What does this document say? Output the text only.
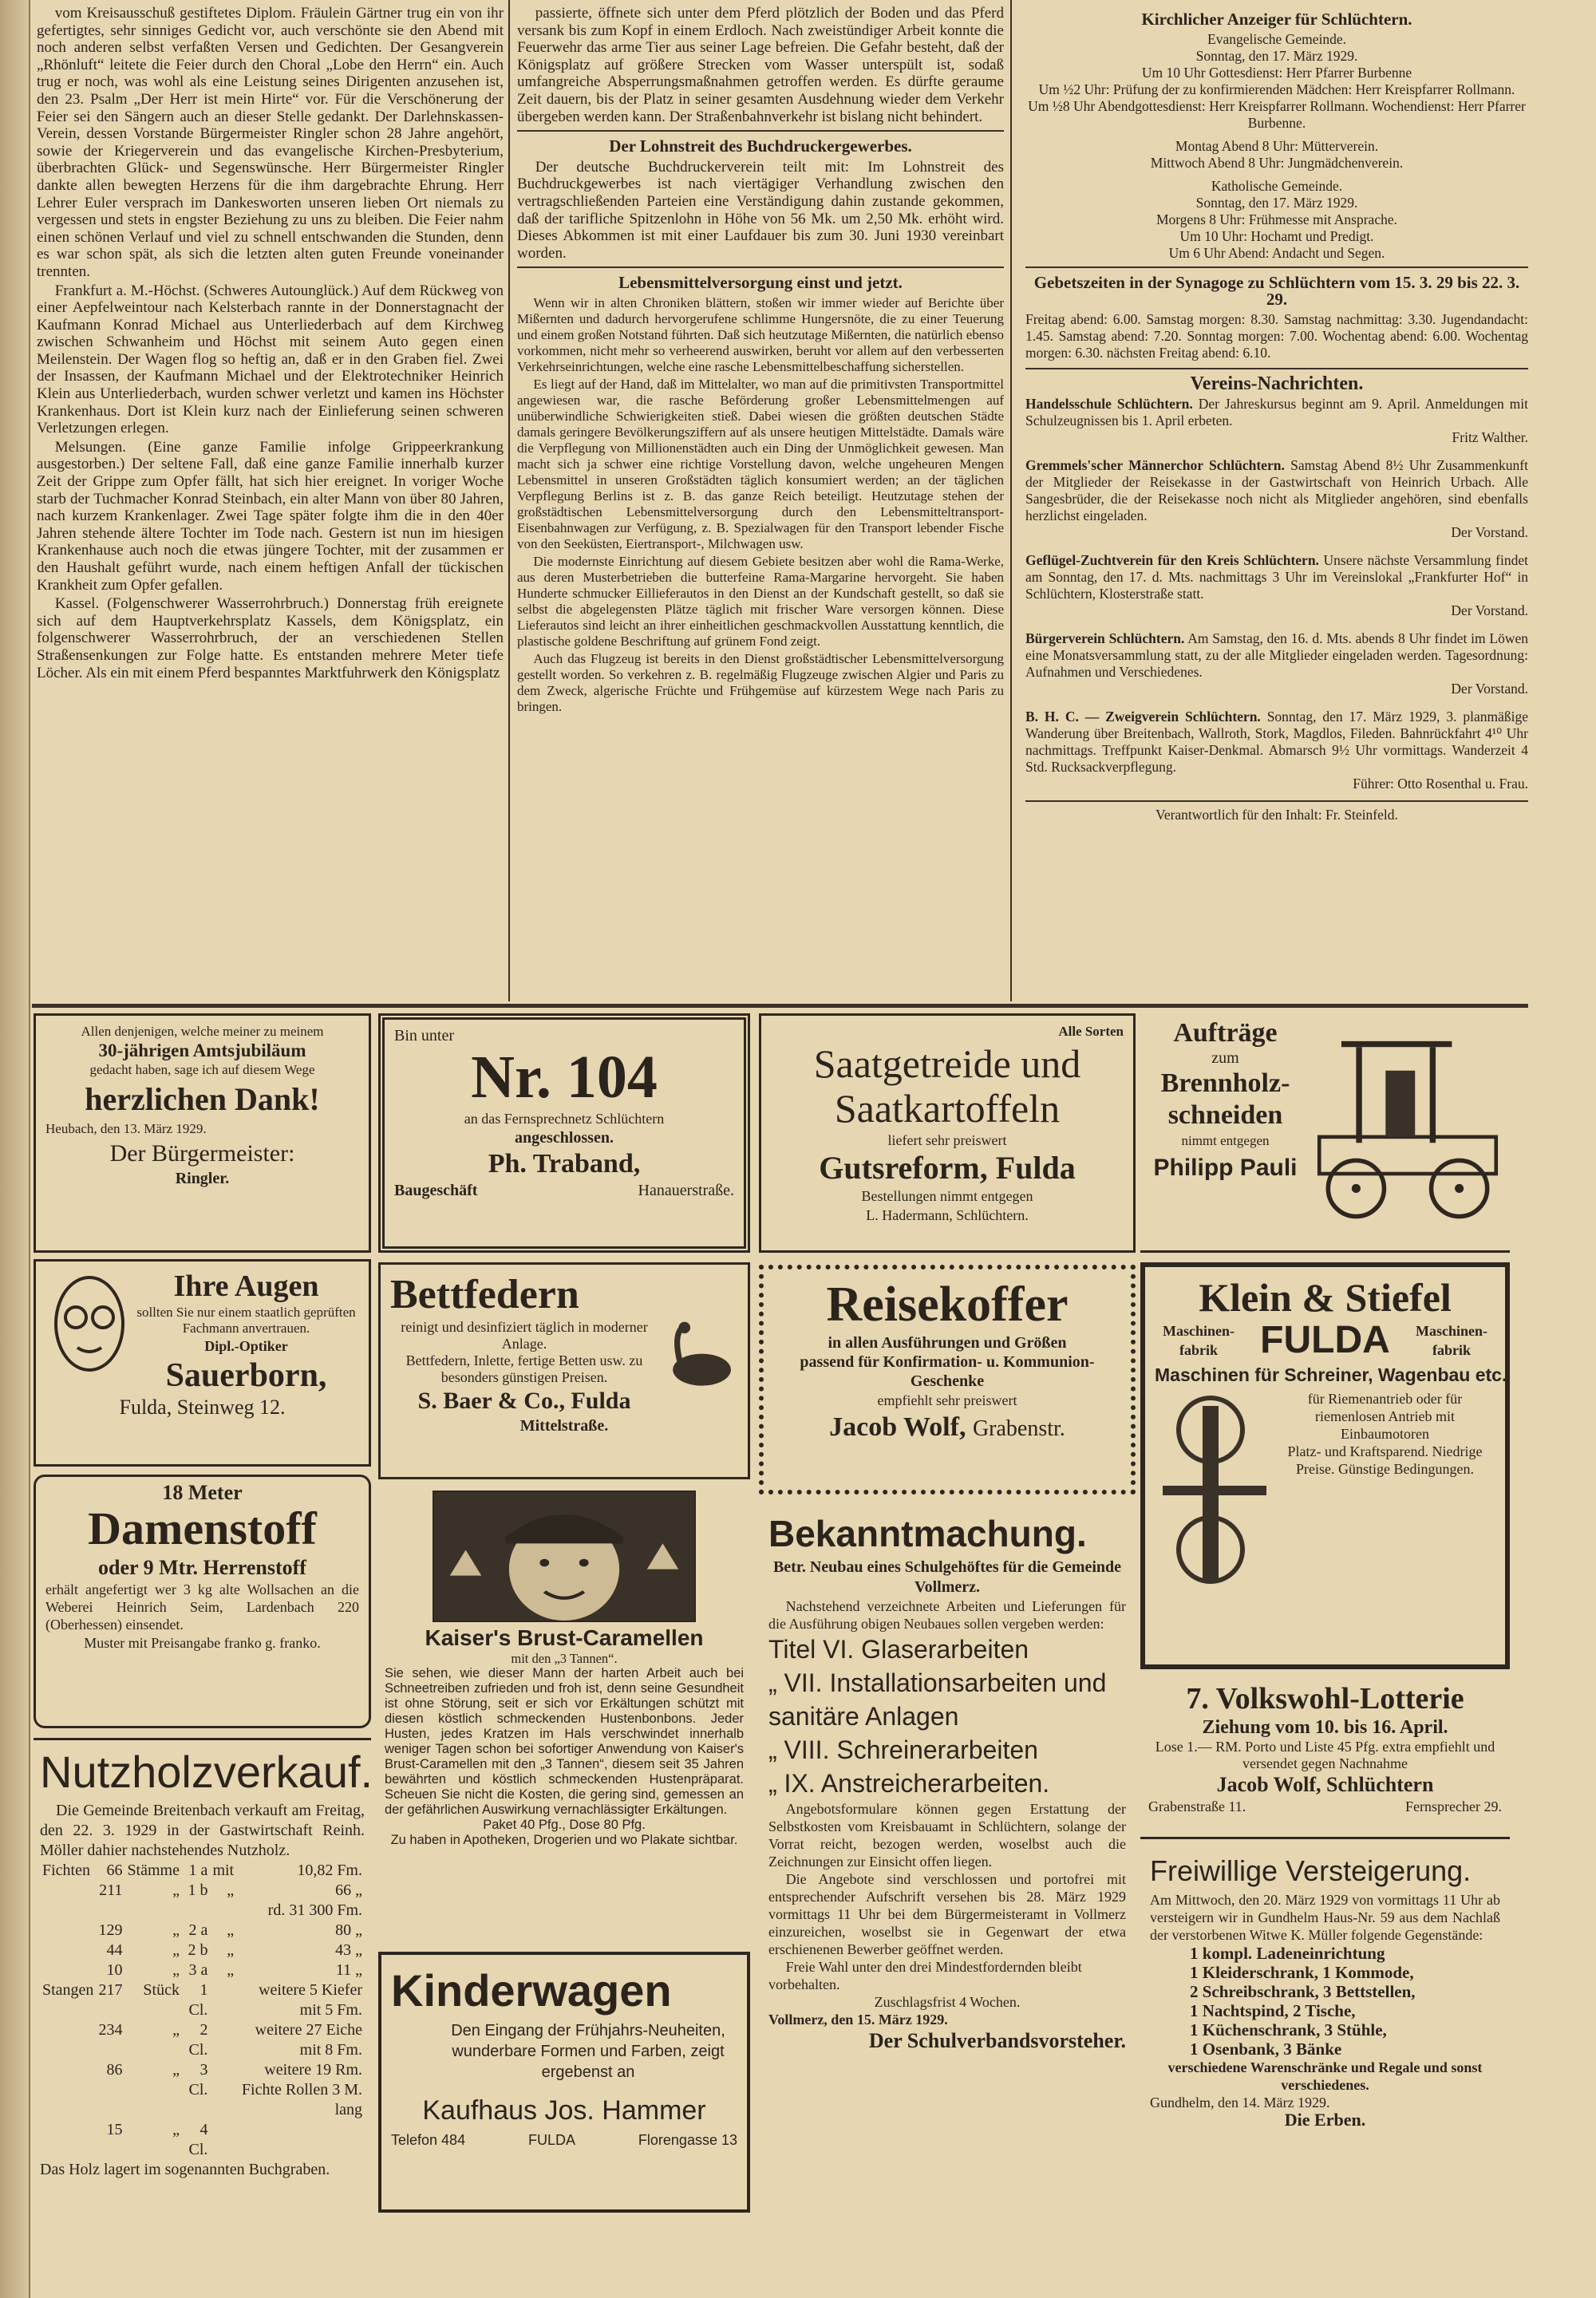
vom Kreisausschuß gestiftetes Diplom. Fräulein Gärtner trug ein von ihr gefertigtes, sehr sinniges Gedicht vor, auch verschönte sie den Abend mit noch anderen selbst verfaßten Versen und Gedichten. Der Gesangverein „Rhönluft“ leitete die Feier durch den Choral „Lobe den Herrn“ ein. Auch trug er noch, was wohl als eine Leistung seines Dirigenten anzusehen ist, den 23. Psalm „Der Herr ist mein Hirte“ vor. Für die Verschönerung der Feier sei den Sängern auch an dieser Stelle gedankt. Der Darlehnskassen-Verein, dessen Vorstande Bürgermeister Ringler schon 28 Jahre angehört, sowie der Kriegerverein und das evangelische Kirchen-Presbyterium, überbrachten Glück- und Segenswünsche. Herr Bürgermeister Ringler dankte allen bewegten Herzens für die ihm dargebrachte Ehrung. Herr Lehrer Euler versprach im Dankesworten unseren lieben Ort niemals zu vergessen und stets in engster Beziehung zu uns zu bleiben. Die Feier nahm einen schönen Verlauf und viel zu schnell entschwanden die Stunden, denn es war schon spät, als sich die letzten alten guten Freunde voneinander trennten.

Frankfurt a. M.-Höchst. (Schweres Autounglück.) Auf dem Rückweg von einer Aepfelweintour nach Kelsterbach rannte in der Donnerstagnacht der Kaufmann Konrad Michael aus Unterliederbach auf dem Kirchweg zwischen Schwanheim und Höchst mit seinem Auto gegen einen Meilenstein. Der Wagen flog so heftig an, daß er in den Graben fiel. Zwei der Insassen, der Kaufmann Michael und der Elektrotechniker Heinrich Klein aus Unterliederbach, wurden schwer verletzt und kamen ins Höchster Krankenhaus. Dort ist Klein kurz nach der Einlieferung seinen schweren Verletzungen erlegen.

Melsungen. (Eine ganze Familie infolge Grippeerkrankung ausgestorben.) Der seltene Fall, daß eine ganze Familie innerhalb kurzer Zeit der Grippe zum Opfer fällt, hat sich hier ereignet. In voriger Woche starb der Tuchmacher Konrad Steinbach, ein alter Mann von über 80 Jahren, nach kurzem Krankenlager. Zwei Tage später folgte ihm die in den 40er Jahren stehende ältere Tochter im Tode nach. Gestern ist nun im hiesigen Krankenhause auch noch die etwas jüngere Tochter, mit der zusammen er den Haushalt geführt wurde, nach einem heftigen Anfall der tückischen Krankheit zum Opfer gefallen.

Kassel. (Folgenschwerer Wasserrohrbruch.) Donnerstag früh ereignete sich auf dem Hauptverkehrsplatz Kassels, dem Königsplatz, ein folgenschwerer Wasserrohrbruch, der an verschiedenen Stellen Straßensenkungen zur Folge hatte. Es entstanden mehrere Meter tiefe Löcher. Als ein mit einem Pferd bespanntes Marktfuhrwerk den Königsplatz

passierte, öffnete sich unter dem Pferd plötzlich der Boden und das Pferd versank bis zum Kopf in einem Erdloch. Nach zweistündiger Arbeit konnte die Feuerwehr das arme Tier aus seiner Lage befreien. Die Gefahr besteht, daß der Königsplatz auf größere Strecken vom Wasser unterspült ist, sodaß umfangreiche Absperrungsmaßnahmen getroffen werden. Es dürfte geraume Zeit dauern, bis der Platz in seiner gesamten Ausdehnung wieder dem Verkehr übergeben werden kann. Der Straßenbahnverkehr ist bislang nicht behindert.

Der Lohnstreit des Buchdruckergewerbes.

Der deutsche Buchdruckerverein teilt mit: Im Lohnstreit des Buchdruckgewerbes ist nach viertägiger Verhandlung zwischen den vertragschließenden Parteien eine Verständigung dahin zustande gekommen, daß der tarifliche Spitzenlohn in Höhe von 56 Mk. um 2,50 Mk. erhöht wird. Dieses Abkommen ist mit einer Laufdauer bis zum 30. Juni 1930 vereinbart worden.

Lebensmittelversorgung einst und jetzt.

Wenn wir in alten Chroniken blättern, stoßen wir immer wieder auf Berichte über Mißernten und dadurch hervorgerufene schlimme Hungersnöte, die zu einer Teuerung und einem großen Notstand führten. Daß sich heutzutage Mißernten, die natürlich ebenso vorkommen, nicht mehr so verheerend auswirken, beruht vor allem auf den verbesserten Verkehrseinrichtungen, welche eine rasche Lebensmittelbeschaffung sicherstellen.

Es liegt auf der Hand, daß im Mittelalter, wo man auf die primitivsten Transportmittel angewiesen war, die rasche Beförderung großer Lebensmittelmengen auf unüberwindliche Schwierigkeiten stieß. Dabei wiesen die größten deutschen Städte damals geringere Bevölkerungsziffern auf als unsere heutigen Mittelstädte. Damals wäre die Verpflegung von Millionenstädten auch ein Ding der Unmöglichkeit gewesen. Man macht sich ja schwer eine richtige Vorstellung davon, welche ungeheuren Mengen Lebensmittel in unseren Großstädten täglich konsumiert werden; an der täglichen Verpflegung Berlins ist z. B. das ganze Reich beteiligt. Heutzutage stehen der großstädtischen Lebensmittelversorgung durch den Lebensmitteltransport-Eisenbahnwagen zur Verfügung, z. B. Spezialwagen für den Transport lebender Fische von den Seeküsten, Eiertransport-, Milchwagen usw.

Die modernste Einrichtung auf diesem Gebiete besitzen aber wohl die Rama-Werke, aus deren Musterbetrieben die butterfeine Rama-Margarine hervorgeht. Sie haben Hunderte schmucker Eillieferautos in den Dienst an der Kundschaft gestellt, so daß sie selbst die abgelegensten Plätze täglich mit frischer Ware versorgen können. Diese Lieferautos sind leicht an ihrer einheitlichen geschmackvollen Ausstattung kenntlich, die plastische goldene Beschriftung auf grünem Fond zeigt.

Auch das Flugzeug ist bereits in den Dienst großstädtischer Lebensmittelversorgung gestellt worden. So verkehren z. B. regelmäßig Flugzeuge zwischen Algier und Paris zu dem Zweck, algerische Früchte und Frühgemüse auf kürzestem Wege nach Paris zu bringen.

Kirchlicher Anzeiger für Schlüchtern.
Evangelische Gemeinde.
Sonntag, den 17. März 1929.
Um 10 Uhr Gottesdienst: Herr Pfarrer Burbenne
Um ½2 Uhr: Prüfung der zu konfirmierenden Mädchen: Herr Kreispfarrer Rollmann.
Um ½8 Uhr Abendgottesdienst: Herr Kreispfarrer Rollmann. Wochendienst: Herr Pfarrer Burbenne.
Montag Abend 8 Uhr: Mütterverein.
Mittwoch Abend 8 Uhr: Jungmädchenverein.
Katholische Gemeinde.
Sonntag, den 17. März 1929.
Morgens 8 Uhr: Frühmesse mit Ansprache.
Um 10 Uhr: Hochamt und Predigt.
Um 6 Uhr Abend: Andacht und Segen.
Gebetszeiten in der Synagoge zu Schlüchtern vom 15. 3. 29 bis 22. 3. 29.

Freitag abend: 6.00. Samstag morgen: 8.30. Samstag nachmittag: 3.30. Jugendandacht: 1.45. Samstag abend: 7.20. Sonntag morgen: 7.00. Wochentag abend: 6.00. Wochentag morgen: 6.30. nächsten Freitag abend: 6.10.

Vereins-Nachrichten.
Handelsschule Schlüchtern. Der Jahreskursus beginnt am 9. April. Anmeldungen mit Schulzeugnissen bis 1. April erbeten.
Fritz Walther.
Gremmels'scher Männerchor Schlüchtern. Samstag Abend 8½ Uhr Zusammenkunft der Mitglieder der Reisekasse in der Gastwirtschaft von Heinrich Urbach. Alle Sangesbrüder, die der Reisekasse noch nicht als Mitglieder angehören, sind ebenfalls herzlichst eingeladen.
Der Vorstand.
Geflügel-Zuchtverein für den Kreis Schlüchtern. Unsere nächste Versammlung findet am Sonntag, den 17. d. Mts. nachmittags 3 Uhr im Vereinslokal „Frankfurter Hof“ in Schlüchtern, Klosterstraße statt.
Der Vorstand.
Bürgerverein Schlüchtern. Am Samstag, den 16. d. Mts. abends 8 Uhr findet im Löwen eine Monatsversammlung statt, zu der alle Mitglieder eingeladen werden. Tagesordnung: Aufnahmen und Verschiedenes.
Der Vorstand.
B. H. C. — Zweigverein Schlüchtern. Sonntag, den 17. März 1929, 3. planmäßige Wanderung über Breitenbach, Wallroth, Stork, Magdlos, Fileden. Bahnrückfahrt 4¹⁰ Uhr nachmittags. Treffpunkt Kaiser-Denkmal. Abmarsch 9½ Uhr vormittags. Wanderzeit 4 Std. Rucksackverpflegung.
Führer: Otto Rosenthal u. Frau.
Verantwortlich für den Inhalt: Fr. Steinfeld.
Allen denjenigen, welche meiner zu meinem
30-jährigen Amtsjubiläum
gedacht haben, sage ich auf diesem Wege
herzlichen Dank!
Heubach, den 13. März 1929.
Der Bürgermeister:
Ringler.
Bin unter
Nr. 104
an das Fernsprechnetz Schlüchtern
angeschlossen.
Ph. Traband,
Baugeschäft	Hanauerstraße.
Alle Sorten
Saatgetreide und
Saatkartoffeln
liefert sehr preiswert
Gutsreform, Fulda
Bestellungen nimmt entgegen
L. Hadermann, Schlüchtern.
Aufträge
zum
Brennholz-
schneiden
nimmt entgegen
Philipp Pauli
Ihre Augen
sollten Sie nur einem staatlich geprüften Fachmann anvertrauen.
Dipl.-Optiker
Sauerborn,
Fulda, Steinweg 12.
Bettfedern
reinigt und desinfiziert täglich in moderner Anlage.
Bettfedern, Inlette, fertige Betten usw. zu besonders günstigen Preisen.
S. Baer & Co., Fulda
Mittelstraße.
Reisekoffer
in allen Ausführungen und Größen
passend für Konfirmation- u. Kommunion-Geschenke
empfiehlt sehr preiswert
Jacob Wolf, Grabenstr.
Klein & Stiefel
Maschinen-fabrik	FULDA	Maschinen-fabrik
Maschinen für Schreiner, Wagenbau etc.
für Riemenantrieb oder für riemenlosen Antrieb mit Einbaumotoren
Platz- und Kraftsparend. Niedrige Preise. Günstige Bedingungen.
18 Meter
Damenstoff
oder 9 Mtr. Herrenstoff
erhält angefertigt wer 3 kg alte Wollsachen an die Weberei Heinrich Seim, Lardenbach 220 (Oberhessen) einsendet.
Muster mit Preisangabe franko g. franko.	Kaiser's Brust-Caramellen
mit den „3 Tannen“.
Sie sehen, wie dieser Mann der harten Arbeit auch bei Schneetreiben zufrieden und froh ist, denn seine Gesundheit ist ohne Störung, seit er sich vor Erkältungen schützt mit diesen köstlich schmeckenden Hustenbonbons. Jeder Husten, jedes Kratzen im Hals verschwindet innerhalb weniger Tagen schon bei sofortiger Anwendung von Kaiser's Brust-Caramellen mit den „3 Tannen“, diesem seit 35 Jahren bewährten und köstlich schmeckenden Hustenpräparat. Scheuen Sie nicht die Kosten, die gering sind, gemessen an der gefährlichen Auswirkung vernachlässigter Erkältungen.
Paket 40 Pfg., Dose 80 Pfg.
Zu haben in Apotheken, Drogerien und wo Plakate sichtbar.
Bekanntmachung.
Betr. Neubau eines Schulgehöftes für die Gemeinde Vollmerz.

Nachstehend verzeichnete Arbeiten und Lieferungen für die Ausführung obigen Neubaues sollen vergeben werden:

Titel VI. Glaserarbeiten
„ VII. Installationsarbeiten und sanitäre Anlagen
„ VIII. Schreinerarbeiten
„ IX. Anstreicherarbeiten.

Angebotsformulare können gegen Erstattung der Selbstkosten vom Kreisbauamt in Schlüchtern, solange der Vorrat reicht, bezogen werden, woselbst auch die Zeichnungen zur Einsicht offen liegen.

Die Angebote sind verschlossen und portofrei mit entsprechender Aufschrift versehen bis 28. März 1929 vormittags 11 Uhr bei dem Bürgermeisteramt in Vollmerz einzureichen, woselbst sie in Gegenwart der etwa erschienenen Bewerber geöffnet werden.

Freie Wahl unter den drei Mindestfordernden bleibt vorbehalten.

Zuschlagsfrist 4 Wochen.
Vollmerz, den 15. März 1929.
Der Schulverbandsvorsteher.
7. Volkswohl-Lotterie
Ziehung vom 10. bis 16. April.
Lose 1.— RM. Porto und Liste 45 Pfg. extra empfiehlt und versendet gegen Nachnahme
Jacob Wolf, Schlüchtern
Grabenstraße 11.	Fernsprecher 29.
Nutzholzverkauf.

Die Gemeinde Breitenbach verkauft am Freitag, den 22. 3. 1929 in der Gastwirtschaft Reinh. Möller dahier nachstehendes Nutzholz.

Fichten	66	Stämme	1 a	mit	10,82 Fm.
	211	„	1 b	„	66 „
					rd. 31 300 Fm.
	129	„	2 a	„	80 „
	44	„	2 b	„	43 „
	10	„	3 a	„	11 „
Stangen	217	Stück	1 Cl.		weitere 5 Kiefer mit 5 Fm.
	234	„	2 Cl.		weitere 27 Eiche mit 8 Fm.
	86	„	3 Cl.		weitere 19 Rm. Fichte Rollen 3 M. lang
	15	„	4 Cl.		
Das Holz lagert im sogenannten Buchgraben.
Kinderwagen
Den Eingang der Frühjahrs-Neuheiten, wunderbare Formen und Farben, zeigt ergebenst an
Kaufhaus Jos. Hammer
Telefon 484	FULDA	Florengasse 13
Freiwillige Versteigerung.

Am Mittwoch, den 20. März 1929 von vormittags 11 Uhr ab versteigern wir in Gundhelm Haus-Nr. 59 aus dem Nachlaß der verstorbenen Witwe K. Müller folgende Gegenstände:

1 kompl. Ladeneinrichtung
1 Kleiderschrank, 1 Kommode,
2 Schreibschrank, 3 Bettstellen,
1 Nachtspind, 2 Tische,
1 Küchenschrank, 3 Stühle,
1 Osenbank, 3 Bänke
verschiedene Warenschränke und Regale und sonst verschiedenes.
Gundhelm, den 14. März 1929.
Die Erben.
